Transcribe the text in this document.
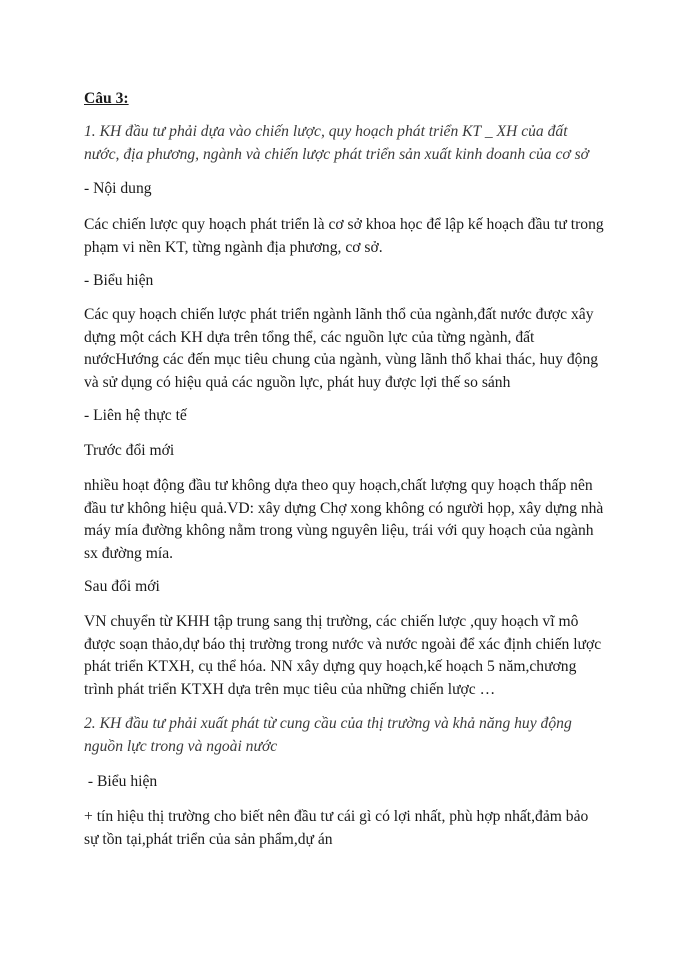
Câu 3:

1. KH đầu tư phải dựa vào chiến lược, quy hoạch phát triển KT _ XH của đất
nước, địa phương, ngành và chiến lược phát triển sản xuất kinh doanh của cơ sở

- Nội dung

Các chiến lược quy hoạch phát triển là cơ sở khoa học để lập kế hoạch đầu tư trong
phạm vi nền KT, từng ngành địa phương, cơ sở.

- Biểu hiện

Các quy hoạch chiến lược phát triển ngành lãnh thổ của ngành,đất nước được xây
dựng một cách KH dựa trên tổng thể, các nguồn lực của từng ngành, đất
nướcHướng các đến mục tiêu chung của ngành, vùng lãnh thổ khai thác, huy động
và sử dụng có hiệu quả các nguồn lực, phát huy được lợi thế so sánh

- Liên hệ thực tế

Trước đổi mới

nhiều hoạt động đầu tư không dựa theo quy hoạch,chất lượng quy hoạch thấp nên
đầu tư không hiệu quả.VD: xây dựng Chợ xong không có người họp, xây dựng nhà
máy mía đường không nằm trong vùng nguyên liệu, trái với quy hoạch của ngành
sx đường mía.

Sau đổi mới

VN chuyển từ KHH tập trung sang thị trường, các chiến lược ,quy hoạch vĩ mô
được soạn thảo,dự báo thị trường trong nước và nước ngoài để xác định chiến lược
phát triển KTXH, cụ thể hóa. NN xây dựng quy hoạch,kế hoạch 5 năm,chương
trình phát triển KTXH dựa trên mục tiêu của những chiến lược …
2. KH đầu tư phải xuất phát từ cung cầu của thị trường và khả năng huy động
nguồn lực trong và ngoài nước

- Biểu hiện

+ tín hiệu thị trường cho biết nên đầu tư cái gì có lợi nhất, phù hợp nhất,đảm bảo
sự tồn tại,phát triển của sản phẩm,dự án
